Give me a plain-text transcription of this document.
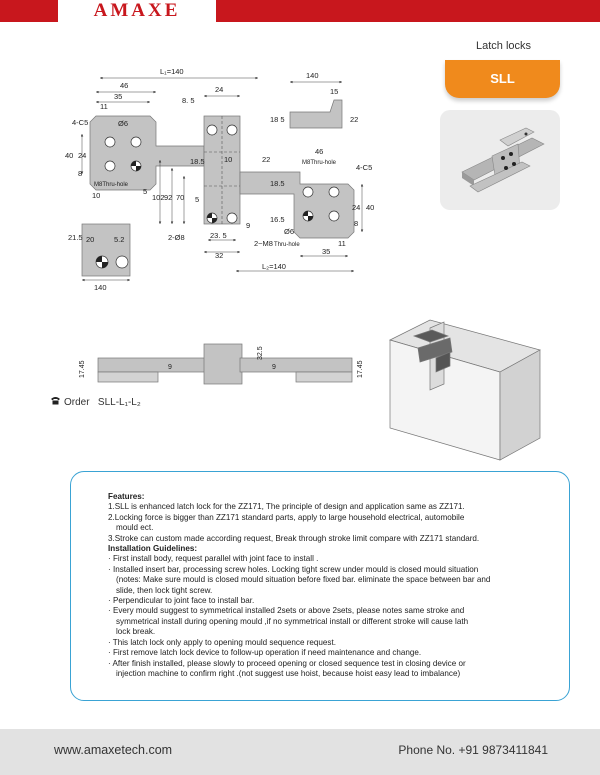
AMAXE
Latch locks
SLL
L₁=140
46
35
11
8. 5
24
140
15
22
18 5
4-C5	Ø6
40 24
8
M8Thru-hole
10	5
102 92 70
18.5	10	22
9
5
23. 5
32
2-Ø8
2~M8 Thru-hole
46
M8Thru-hole	4-C5
18.5
16.5
Ø6
24 40
8
11
35
L₂=140
21.5 20	5.2
140
17.45	9
32.5
9	17.45
Order SLL-L₁-L₂
Features:
1.SLL is enhanced latch lock for the ZZ171, The principle of design and application same as ZZ171.
2.Locking force is bigger than ZZ171 standard parts, apply to large household electrical, automobile
mould ect.
3.Stroke can custom made according request, Break through stroke limit compare with ZZ171 standard.
Installation Guidelines:
· First install body, request parallel with joint face to install .
· Installed insert bar, processing screw holes. Locking tight screw under mould is closed mould situation
(notes: Make sure mould is closed mould situation before fixed bar. eliminate the space between bar and
slide, then lock tight screw.
· Perpendicular to joint face to install bar.
· Every mould suggest to symmetrical installed 2sets or above 2sets, please notes same stroke and
symmetrical install during opening mould ,if no symmetrical install or different stroke will cause lath
lock break.
· This latch lock only apply to opening mould sequence request.
· First remove latch lock device to follow-up operation if need maintenance and change.
· After finish installed, please slowly to proceed opening or closed sequence test in closing device or
injection machine to confirm right .(not suggest use hoist, because hoist easy lead to imbalance)
www.amaxetech.com	Phone No. +91 9873411841
